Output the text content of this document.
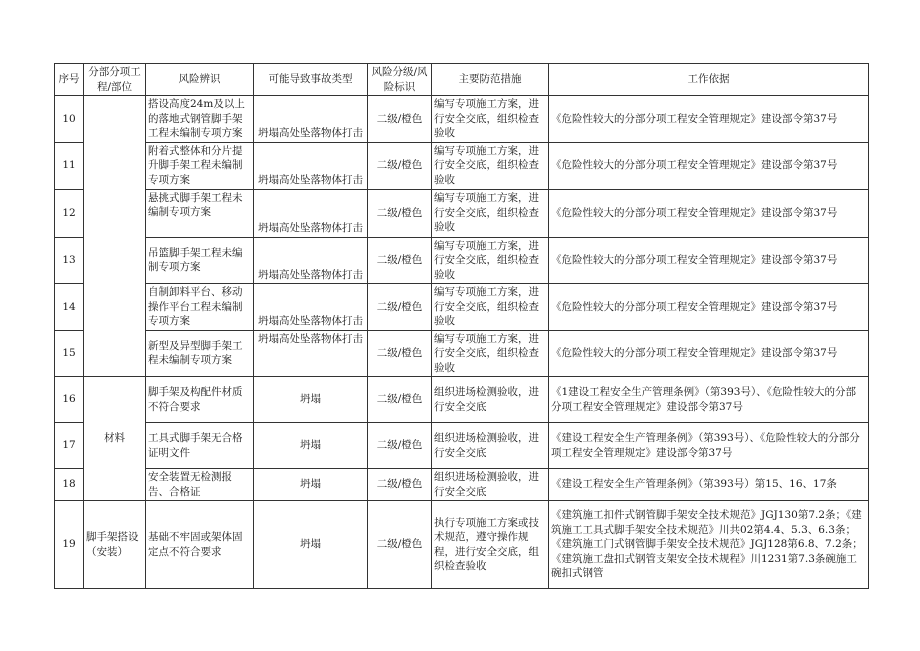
序号	分部分项工程/部位	风险辨识	可能导致事故类型	风险分级/风险标识	主要防范措施	工作依据
10		搭设高度24m及以上的落地式钢管脚手架工程未编制专项方案	坍塌高处坠落物体打击	二级/橙色	编写专项施工方案，进行安全交底，组织检查验收	《危险性较大的分部分项工程安全管理规定》建设部令第37号
11		附着式整体和分片提升脚手架工程未编制专项方案	坍塌高处坠落物体打击	二级/橙色	编写专项施工方案，进行安全交底，组织检查验收	《危险性较大的分部分项工程安全管理规定》建设部令第37号
12		悬挑式脚手架工程未编制专项方案	坍塌高处坠落物体打击	二级/橙色	编写专项施工方案，进行安全交底，组织检查验收	《危险性较大的分部分项工程安全管理规定》建设部令第37号
13		吊篮脚手架工程未编制专项方案	坍塌高处坠落物体打击	二级/橙色	编写专项施工方案，进行安全交底，组织检查验收	《危险性较大的分部分项工程安全管理规定》建设部令第37号
14		自制卸料平台、移动操作平台工程未编制专项方案	坍塌高处坠落物体打击	二级/橙色	编写专项施工方案，进行安全交底，组织检查验收	《危险性较大的分部分项工程安全管理规定》建设部令第37号
15		新型及异型脚手架工程未编制专项方案	坍塌高处坠落物体打击	二级/橙色	编写专项施工方案，进行安全交底，组织检查验收	《危险性较大的分部分项工程安全管理规定》建设部令第37号
16	材料	脚手架及构配件材质不符合要求	坍塌	二级/橙色	组织进场检测验收，进行安全交底	《1建设工程安全生产管理条例》（第393号）、《危险性较大的分部分项工程安全管理规定》建设部令第37号
17		工具式脚手架无合格证明文件	坍塌	二级/橙色	组织进场检测验收，进行安全交底	《建设工程安全生产管理条例》（第393号）、《危险性较大的分部分项工程安全管理规定》建设部令第37号
18		安全装置无检测报告、合格证	坍塌	二级/橙色	组织进场检测验收，进行安全交底	《建设工程安全生产管理条例》（第393号）第15、16、17条
19	脚手架搭设（安装）	基础不牢固或架体固定点不符合要求	坍塌	二级/橙色	执行专项施工方案或技术规范，遵守操作规程，进行安全交底，组织检查验收	《建筑施工扣件式钢管脚手架安全技术规范》JGJ130第7.2条；《建筑施工工具式脚手架安全技术规范》川共02第4.4、5.3、6.3条；《建筑施工门式钢管脚手架安全技术规范》JGJ128第6.8、7.2条；《建筑施工盘扣式钢管支架安全技术规程》川1231第7.3条碗施工碗扣式钢管
